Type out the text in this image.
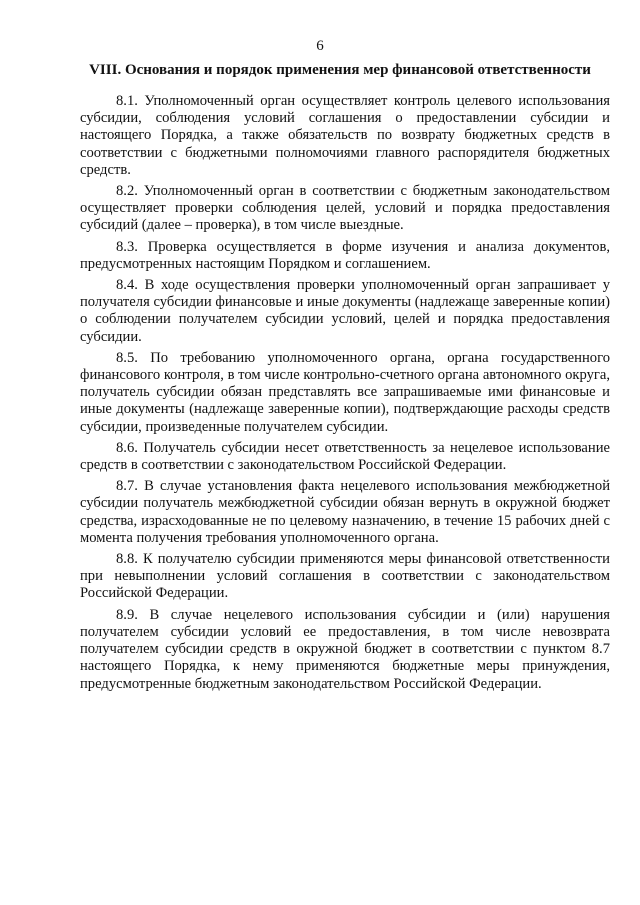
6
VIII. Основания и порядок применения мер финансовой ответственности

8.1. Уполномоченный орган осуществляет контроль целевого использования субсидии, соблюдения условий соглашения о предоставлении субсидии и настоящего Порядка, а также обязательств по возврату бюджетных средств в соответствии с бюджетными полномочиями главного распорядителя бюджетных средств.

8.2. Уполномоченный орган в соответствии с бюджетным законодательством осуществляет проверки соблюдения целей, условий и порядка предоставления субсидий (далее – проверка), в том числе выездные.

8.3. Проверка осуществляется в форме изучения и анализа документов, предусмотренных настоящим Порядком и соглашением.

8.4. В ходе осуществления проверки уполномоченный орган запрашивает у получателя субсидии финансовые и иные документы (надлежаще заверенные копии) о соблюдении получателем субсидии условий, целей и порядка предоставления субсидии.

8.5. По требованию уполномоченного органа, органа государственного финансового контроля, в том числе контрольно-счетного органа автономного округа, получатель субсидии обязан представлять все запрашиваемые ими финансовые и иные документы (надлежаще заверенные копии), подтверждающие расходы средств субсидии, произведенные получателем субсидии.

8.6. Получатель субсидии несет ответственность за нецелевое использование средств в соответствии с законодательством Российской Федерации.

8.7. В случае установления факта нецелевого использования межбюджетной субсидии получатель межбюджетной субсидии обязан вернуть в окружной бюджет средства, израсходованные не по целевому назначению, в течение 15 рабочих дней с момента получения требования уполномоченного органа.

8.8. К получателю субсидии применяются меры финансовой ответственности при невыполнении условий соглашения в соответствии с законодательством Российской Федерации.

8.9. В случае нецелевого использования субсидии и (или) нарушения получателем субсидии условий ее предоставления, в том числе невозврата получателем субсидии средств в окружной бюджет в соответствии с пунктом 8.7 настоящего Порядка, к нему применяются бюджетные меры принуждения, предусмотренные бюджетным законодательством Российской Федерации.
